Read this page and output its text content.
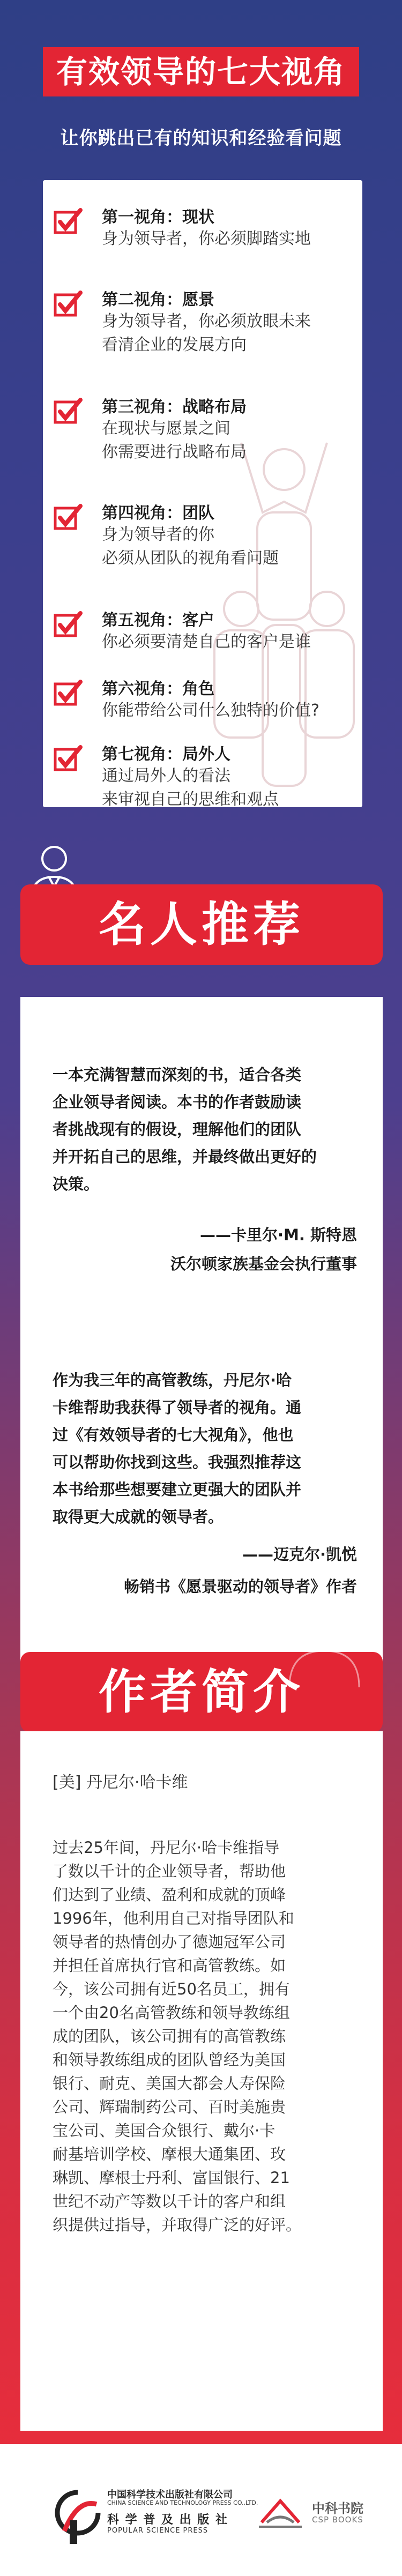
有效领导的七大视角
让你跳出已有的知识和经验看问题
第一视角：现状
身为领导者，你必须脚踏实地
第二视角：愿景
身为领导者，你必须放眼未来
看清企业的发展方向
第三视角：战略布局
在现状与愿景之间
你需要进行战略布局
第四视角：团队
身为领导者的你
必须从团队的视角看问题
第五视角：客户
你必须要清楚自己的客户是谁
第六视角：角色
你能带给公司什么独特的价值?
第七视角：局外人
通过局外人的看法
来审视自己的思维和观点
名人推荐
一本充满智慧而深刻的书，适合各类
企业领导者阅读。本书的作者鼓励读
者挑战现有的假设，理解他们的团队
并开拓自己的思维，并最终做出更好的
决策。
——卡里尔·M. 斯特恩
沃尔顿家族基金会执行董事
作为我三年的高管教练，丹尼尔·哈
卡维帮助我获得了领导者的视角。通
过《有效领导者的七大视角》，他也
可以帮助你找到这些。我强烈推荐这
本书给那些想要建立更强大的团队并
取得更大成就的领导者。
——迈克尔·凯悦
畅销书《愿景驱动的领导者》作者
作者简介
[美] 丹尼尔·哈卡维
过去25年间，丹尼尔·哈卡维指导
了数以千计的企业领导者，帮助他
们达到了业绩、盈利和成就的顶峰
1996年，他利用自己对指导团队和
领导者的热情创办了德迦冠军公司
并担任首席执行官和高管教练。如
今，该公司拥有近50名员工，拥有
一个由20名高管教练和领导教练组
成的团队，该公司拥有的高管教练
和领导教练组成的团队曾经为美国
银行、耐克、美国大都会人寿保险
公司、辉瑞制药公司、百时美施贵
宝公司、美国合众银行、戴尔·卡
耐基培训学校、摩根大通集团、玫
琳凯、摩根士丹利、富国银行、21
世纪不动产等数以千计的客户和组
织提供过指导，并取得广泛的好评。
中国科学技术出版社有限公司
CHINA SCIENCE AND TECHNOLOGY PRESS CO.,LTD.
科 学 普 及 出 版 社
POPULAR SCIENCE PRESS
中科书院
CSP BOOKS
